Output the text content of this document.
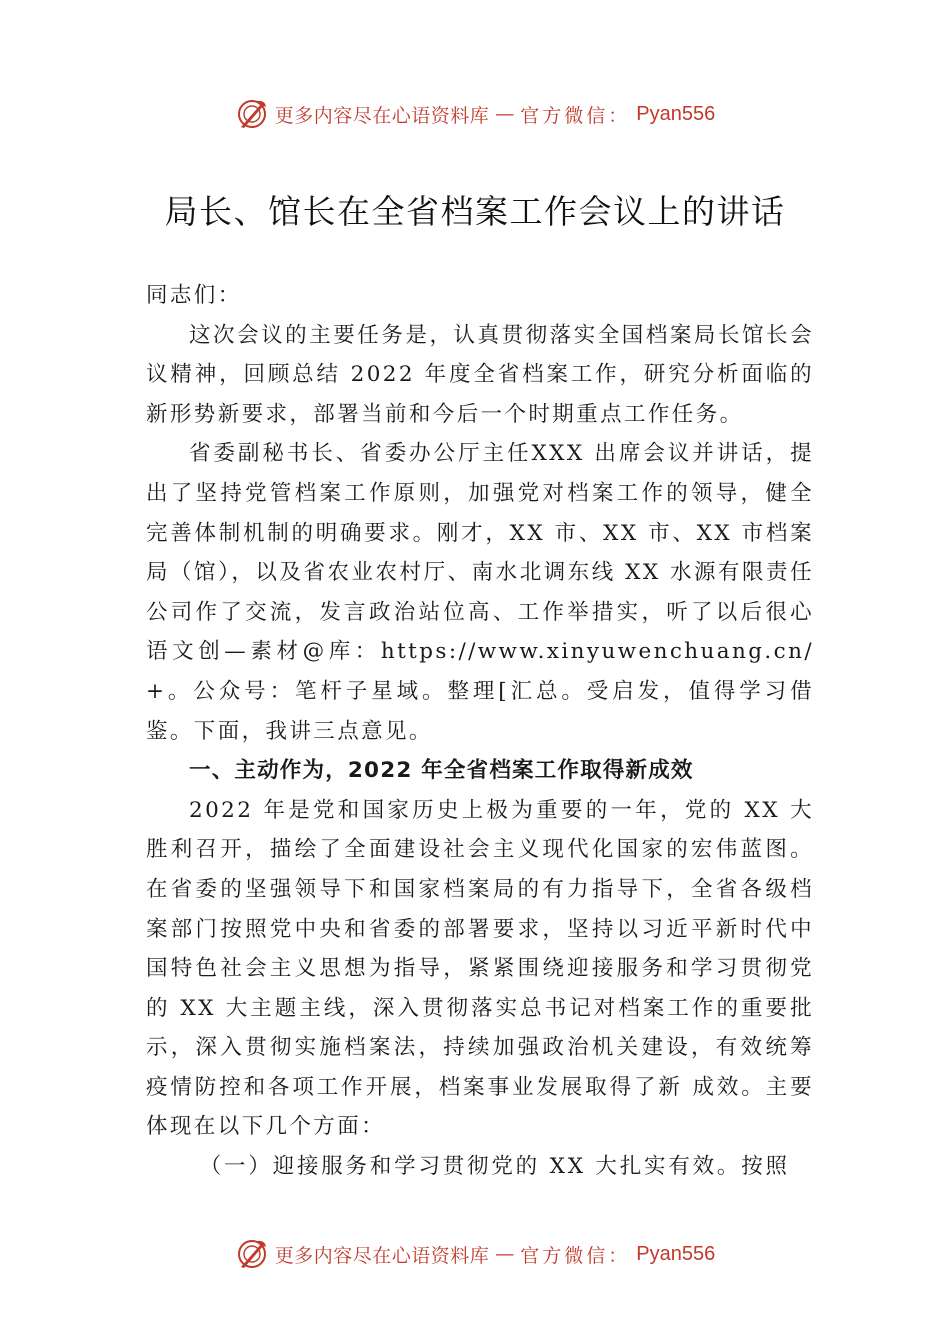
更多内容尽在心语资料库 — 官方微信： Pyan556
局长、馆长在全省档案工作会议上的讲话

同志们：

这次会议的主要任务是，认真贯彻落实全国档案局长馆长会议精神，回顾总结 2022 年度全省档案工作，研究分析面临的新形势新要求，部署当前和今后一个时期重点工作任务。

省委副秘书长、省委办公厅主任XXX 出席会议并讲话，提出了坚持党管档案工作原则，加强党对档案工作的领导，健全完善体制机制的明确要求。刚才，XX 市、XX 市、XX 市档案局（馆），以及省农业农村厅、南水北调东线 XX 水源有限责任公司作了交流，发言政治站位高、工作举措实，听了以后很心语文创—素材@库：https://www.xinyuwenchuang.cn/+。公众号：笔杆子星域。整理[汇总。受启发，值得学习借鉴。下面，我讲三点意见。

一、主动作为，2022 年全省档案工作取得新成效

2022 年是党和国家历史上极为重要的一年，党的 XX 大胜利召开，描绘了全面建设社会主义现代化国家的宏伟蓝图。在省委的坚强领导下和国家档案局的有力指导下，全省各级档案部门按照党中央和省委的部署要求，坚持以习近平新时代中国特色社会主义思想为指导，紧紧围绕迎接服务和学习贯彻党的 XX 大主题主线，深入贯彻落实总书记对档案工作的重要批示，深入贯彻实施档案法，持续加强政治机关建设，有效统筹疫情防控和各项工作开展，档案事业发展取得了新 成效。主要体现在以下几个方面：

（一）迎接服务和学习贯彻党的 XX 大扎实有效。按照

更多内容尽在心语资料库 — 官方微信： Pyan556
